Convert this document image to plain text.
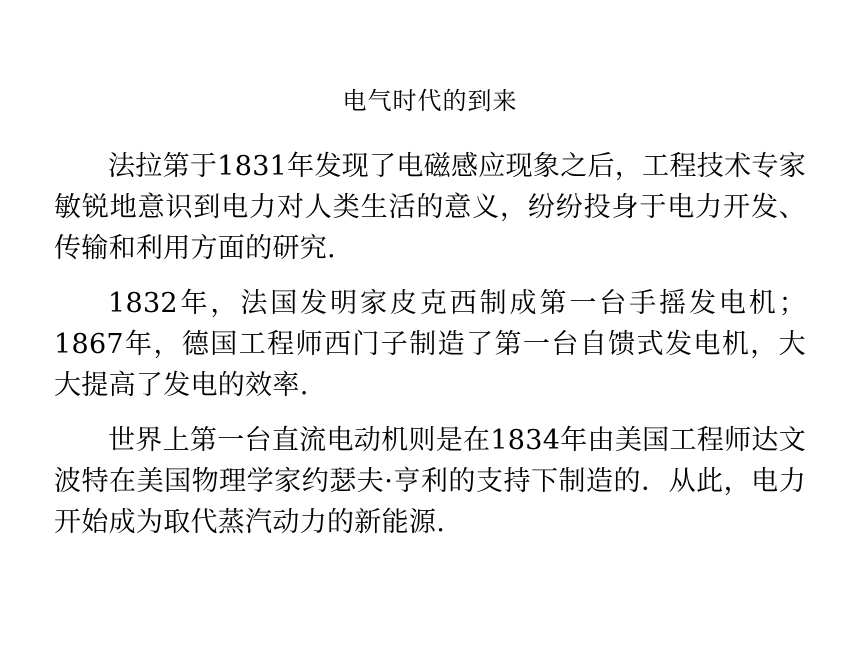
电气时代的到来

法拉第于1831年发现了电磁感应现象之后，工程技术专家敏锐地意识到电力对人类生活的意义，纷纷投身于电力开发、传输和利用方面的研究.

1832年，法国发明家皮克西制成第一台手摇发电机；1867年，德国工程师西门子制造了第一台自馈式发电机，大大提高了发电的效率.

世界上第一台直流电动机则是在1834年由美国工程师达文波特在美国物理学家约瑟夫·亨利的支持下制造的．从此，电力开始成为取代蒸汽动力的新能源.
